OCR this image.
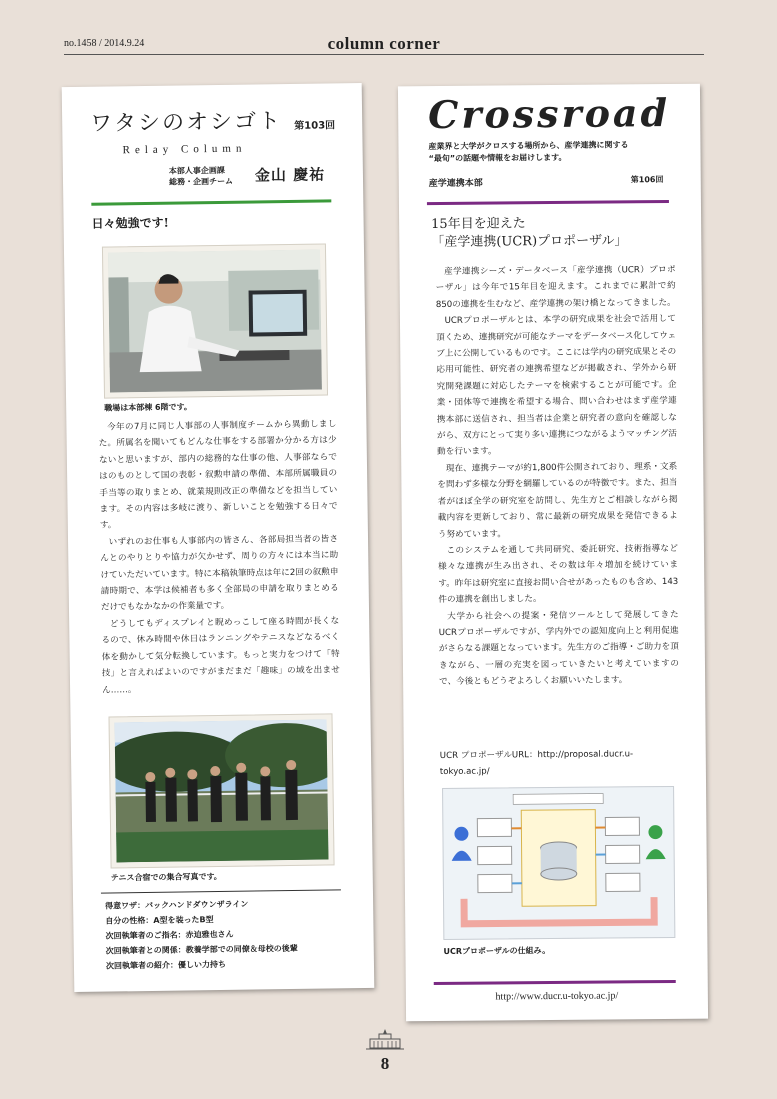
no.1458 / 2014.9.24	column corner
ワタシのオシゴト 第103回
Relay Column
本部人事企画課
総務・企画チーム 金山 慶祐
日々勉強です!
職場は本部棟 6階です。

今年の7月に同じ人事部の人事制度チームから異動しました。所属名を聞いてもどんな仕事をする部署か分かる方は少ないと思いますが、部内の総務的な仕事の他、人事部ならではのものとして国の表彰・叙勲申請の準備、本部所属職員の手当等の取りまとめ、就業規則改正の準備などを担当しています。その内容は多岐に渡り、新しいことを勉強する日々です。

いずれのお仕事も人事部内の皆さん、各部局担当者の皆さんとのやりとりや協力が欠かせず、周りの方々には本当に助けていただいています。特に本稿執筆時点は年に2回の叙勲申請時期で、本学は候補者も多く全部局の申請を取りまとめるだけでもなかなかの作業量です。

どうしてもディスプレイと睨めっこして座る時間が長くなるので、休み時間や休日はランニングやテニスなどなるべく体を動かして気分転換しています。もっと実力をつけて「特技」と言えればよいのですがまだまだ「趣味」の域を出ません……。

テニス合宿での集合写真です。
得意ワザ：バックハンドダウンザライン
自分の性格：A型を装ったB型
次回執筆者のご指名：赤迫雅也さん
次回執筆者との関係：教養学部での同僚＆母校の後輩
次回執筆者の紹介：優しい力持ち
Crossroad
産業界と大学がクロスする場所から、産学連携に関する
“最旬”の話題や情報をお届けします。
産学連携本部	第106回
15年目を迎えた
「産学連携(UCR)プロポーザル」

産学連携シーズ・データベース「産学連携（UCR）プロポーザル」は今年で15年目を迎えます。これまでに累計で約850の連携を生むなど、産学連携の架け橋となってきました。

UCRプロポーザルとは、本学の研究成果を社会で活用して頂くため、連携研究が可能なテーマをデータベース化してウェブ上に公開しているものです。ここには学内の研究成果とその応用可能性、研究者の連携希望などが掲載され、学外から研究開発課題に対応したテーマを検索することが可能です。企業・団体等で連携を希望する場合、問い合わせはまず産学連携本部に送信され、担当者は企業と研究者の意向を確認しながら、双方にとって実り多い連携につながるようマッチング活動を行います。

現在、連携テーマが約1,800件公開されており、理系・文系を問わず多様な分野を網羅しているのが特徴です。また、担当者がほぼ全学の研究室を訪問し、先生方とご相談しながら掲載内容を更新しており、常に最新の研究成果を発信できるよう努めています。

このシステムを通して共同研究、委託研究、技術指導など様々な連携が生み出され、その数は年々増加を続けています。昨年は研究室に直接お問い合せがあったものも含め、143件の連携を創出しました。

大学から社会への提案・発信ツールとして発展してきたUCRプロポーザルですが、学内外での認知度向上と利用促進がさらなる課題となっています。先生方のご指導・ご助力を頂きながら、一層の充実を図っていきたいと考えていますので、今後ともどうぞよろしくお願いいたします。

UCR プロポーザルURL：http://proposal.ducr.u-tokyo.ac.jp/
UCRプロポーザルの仕組み。
http://www.ducr.u-tokyo.ac.jp/
8
